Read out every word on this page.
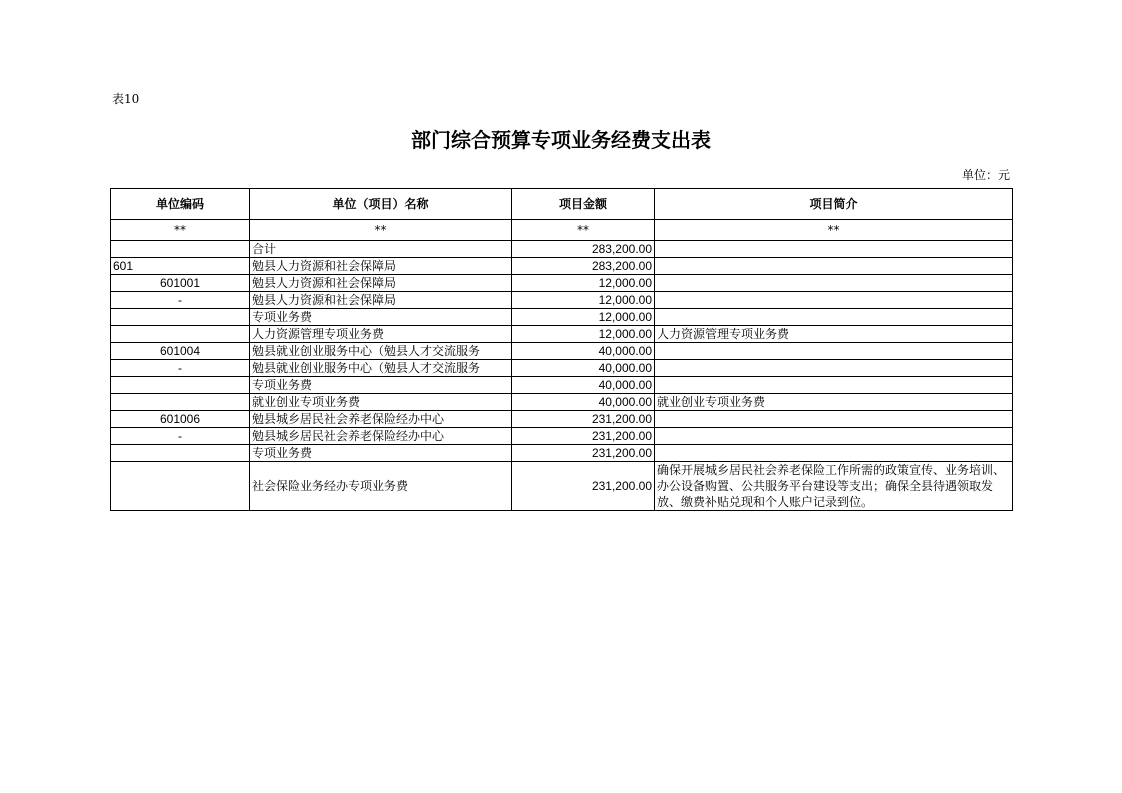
表10
部门综合预算专项业务经费支出表
单位：元
单位编码	单位（项目）名称	项目金额	项目简介
**	**	**	**
	合计	283,200.00	
601	勉县人力资源和社会保障局	283,200.00	
601001	勉县人力资源和社会保障局	12,000.00	
-	勉县人力资源和社会保障局	12,000.00	
	专项业务费	12,000.00	
	人力资源管理专项业务费	12,000.00	人力资源管理专项业务费
601004	勉县就业创业服务中心（勉县人才交流服务	40,000.00	
-	勉县就业创业服务中心（勉县人才交流服务	40,000.00	
	专项业务费	40,000.00	
	就业创业专项业务费	40,000.00	就业创业专项业务费
601006	勉县城乡居民社会养老保险经办中心	231,200.00	
-	勉县城乡居民社会养老保险经办中心	231,200.00	
	专项业务费	231,200.00	
	社会保险业务经办专项业务费	231,200.00	确保开展城乡居民社会养老保险工作所需的政策宣传、业务培训、办公设备购置、公共服务平台建设等支出；确保全县待遇领取发放、缴费补贴兑现和个人账户记录到位。
